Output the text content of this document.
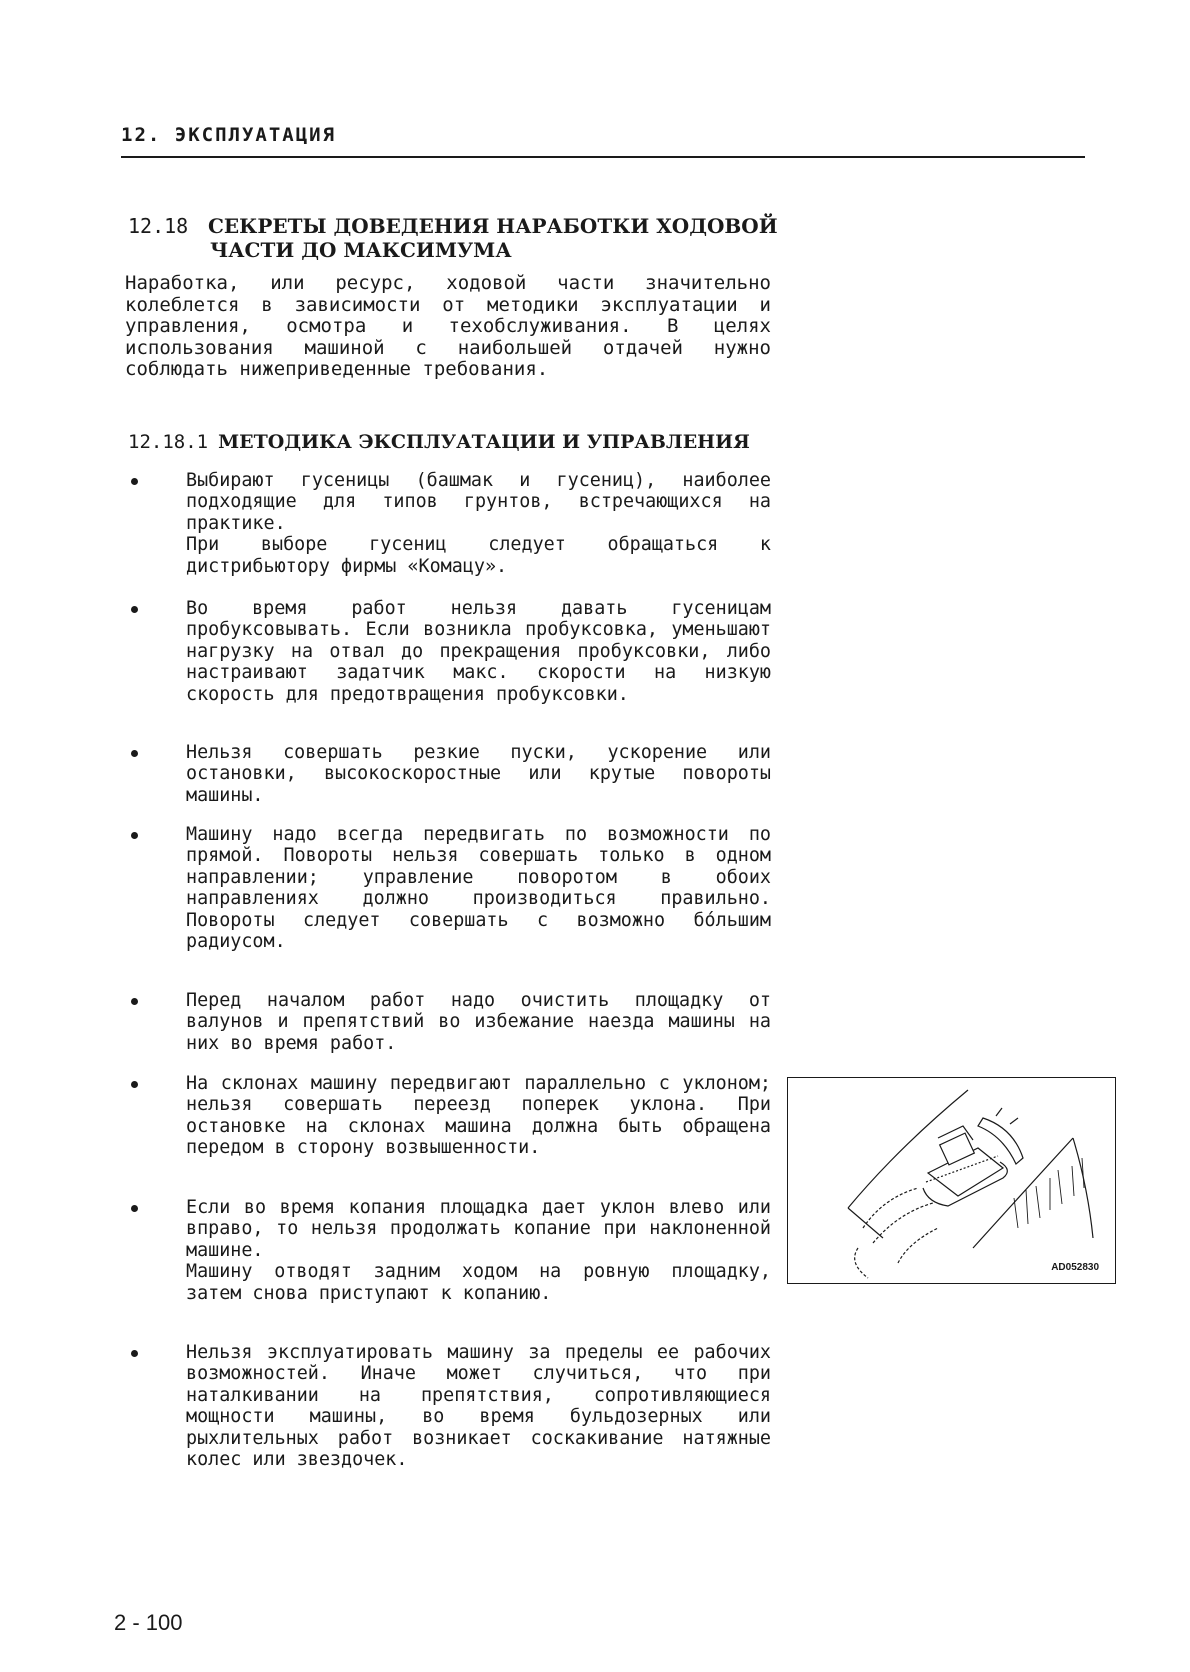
12. ЭКСПЛУАТАЦИЯ
12.18 СЕКРЕТЫ ДОВЕДЕНИЯ НАРАБОТКИ ХОДОВОЙ
ЧАСТИ ДО МАКСИМУМА
Наработка, или ресурс, ходовой части значительно колеблется в зависимости от методики эксплуатации и управления, осмотра и техобслуживания. В целях использования машиной с наибольшей отдачей нужно соблюдать нижеприведенные требования.
12.18.1 МЕТОДИКА ЭКСПЛУАТАЦИИ И УПРАВЛЕНИЯ
Выбирают гусеницы (башмак и гусениц), наиболее подходящие для типов грунтов, встречающихся на практике.
При выборе гусениц следует обращаться к дистрибьютору фирмы «Комацу».
Во время работ нельзя давать гусеницам пробуксовывать. Если возникла пробуксовка, уменьшают нагрузку на отвал до прекращения пробуксовки, либо настраивают задатчик макс. скорости на низкую скорость для предотвращения пробуксовки.
Нельзя совершать резкие пуски, ускорение или остановки, высокоскоростные или крутые повороты машины.
Машину надо всегда передвигать по возможности по прямой. Повороты нельзя совершать только в одном направлении; управление поворотом в обоих направлениях должно производиться правильно. Повороты следует совершать с возможно бóльшим радиусом.
Перед началом работ надо очистить площадку от валунов и препятствий во избежание наезда машины на них во время работ.
На склонах машину передвигают параллельно с уклоном; нельзя совершать переезд поперек уклона. При остановке на склонах машина должна быть обращена передом в сторону возвышенности.
Если во время копания площадка дает уклон влево или вправо, то нельзя продолжать копание при наклоненной машине.
Машину отводят задним ходом на ровную площадку, затем снова приступают к копанию.
Нельзя эксплуатировать машину за пределы ее рабочих возможностей. Иначе может случиться, что при наталкивании на препятствия, сопротивляющиеся мощности машины, во время бульдозерных или рыхлительных работ возникает соскакивание натяжные колес или звездочек.
AD052830
2 - 100
